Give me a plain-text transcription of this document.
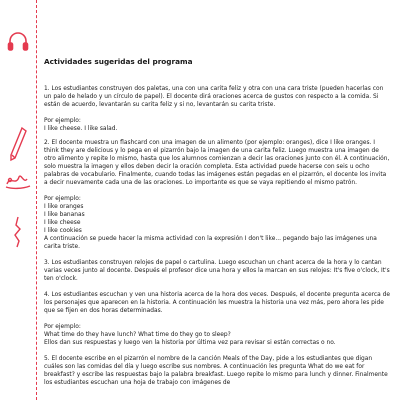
Actividades sugeridas del programa

1. Los estudiantes construyen dos paletas, una con una carita feliz y otra con una cara triste (pueden hacerlas con un palo de helado y un círculo de papel). El docente dirá oraciones acerca de gustos con respecto a la comida. Si están de acuerdo, levantarán su carita feliz y si no, levantarán su carita triste.

Por ejemplo:
I like cheese. I like salad.

2. El docente muestra un flashcard con una imagen de un alimento (por ejemplo: oranges), dice I like oranges. I think they are delicious y lo pega en el pizarrón bajo la imagen de una carita feliz. Luego muestra una imagen de otro alimento y repite lo mismo, hasta que los alumnos comienzan a decir las oraciones junto con él. A continuación, solo muestra la imagen y ellos deben decir la oración completa. Esta actividad puede hacerse con seis u ocho palabras de vocabulario. Finalmente, cuando todas las imágenes están pegadas en el pizarrón, el docente los invita a decir nuevamente cada una de las oraciones. Lo importante es que se vaya repitiendo el mismo patrón.

Por ejemplo:
I like oranges
I like bananas
I like cheese
I like cookies

A continuación se puede hacer la misma actividad con la expresión I don't like... pegando bajo las imágenes una carita triste.

3. Los estudiantes construyen relojes de papel o cartulina. Luego escuchan un chant acerca de la hora y lo cantan varias veces junto al docente. Después el profesor dice una hora y ellos la marcan en sus relojes: It's five o'clock, It's ten o'clock.

4. Los estudiantes escuchan y ven una historia acerca de la hora dos veces. Después, el docente pregunta acerca de los personajes que aparecen en la historia. A continuación les muestra la historia una vez más, pero ahora les pide que se fijen en dos horas determinadas.

Por ejemplo:
What time do they have lunch? What time do they go to sleep?

Ellos dan sus respuestas y luego ven la historia por última vez para revisar si están correctas o no.

5. El docente escribe en el pizarrón el nombre de la canción Meals of the Day, pide a los estudiantes que digan cuáles son las comidas del día y luego escribe sus nombres. A continuación les pregunta What do we eat for breakfast? y escribe las respuestas bajo la palabra breakfast. Luego repite lo mismo para lunch y dinner. Finalmente los estudiantes escuchan una hoja de trabajo con imágenes de
